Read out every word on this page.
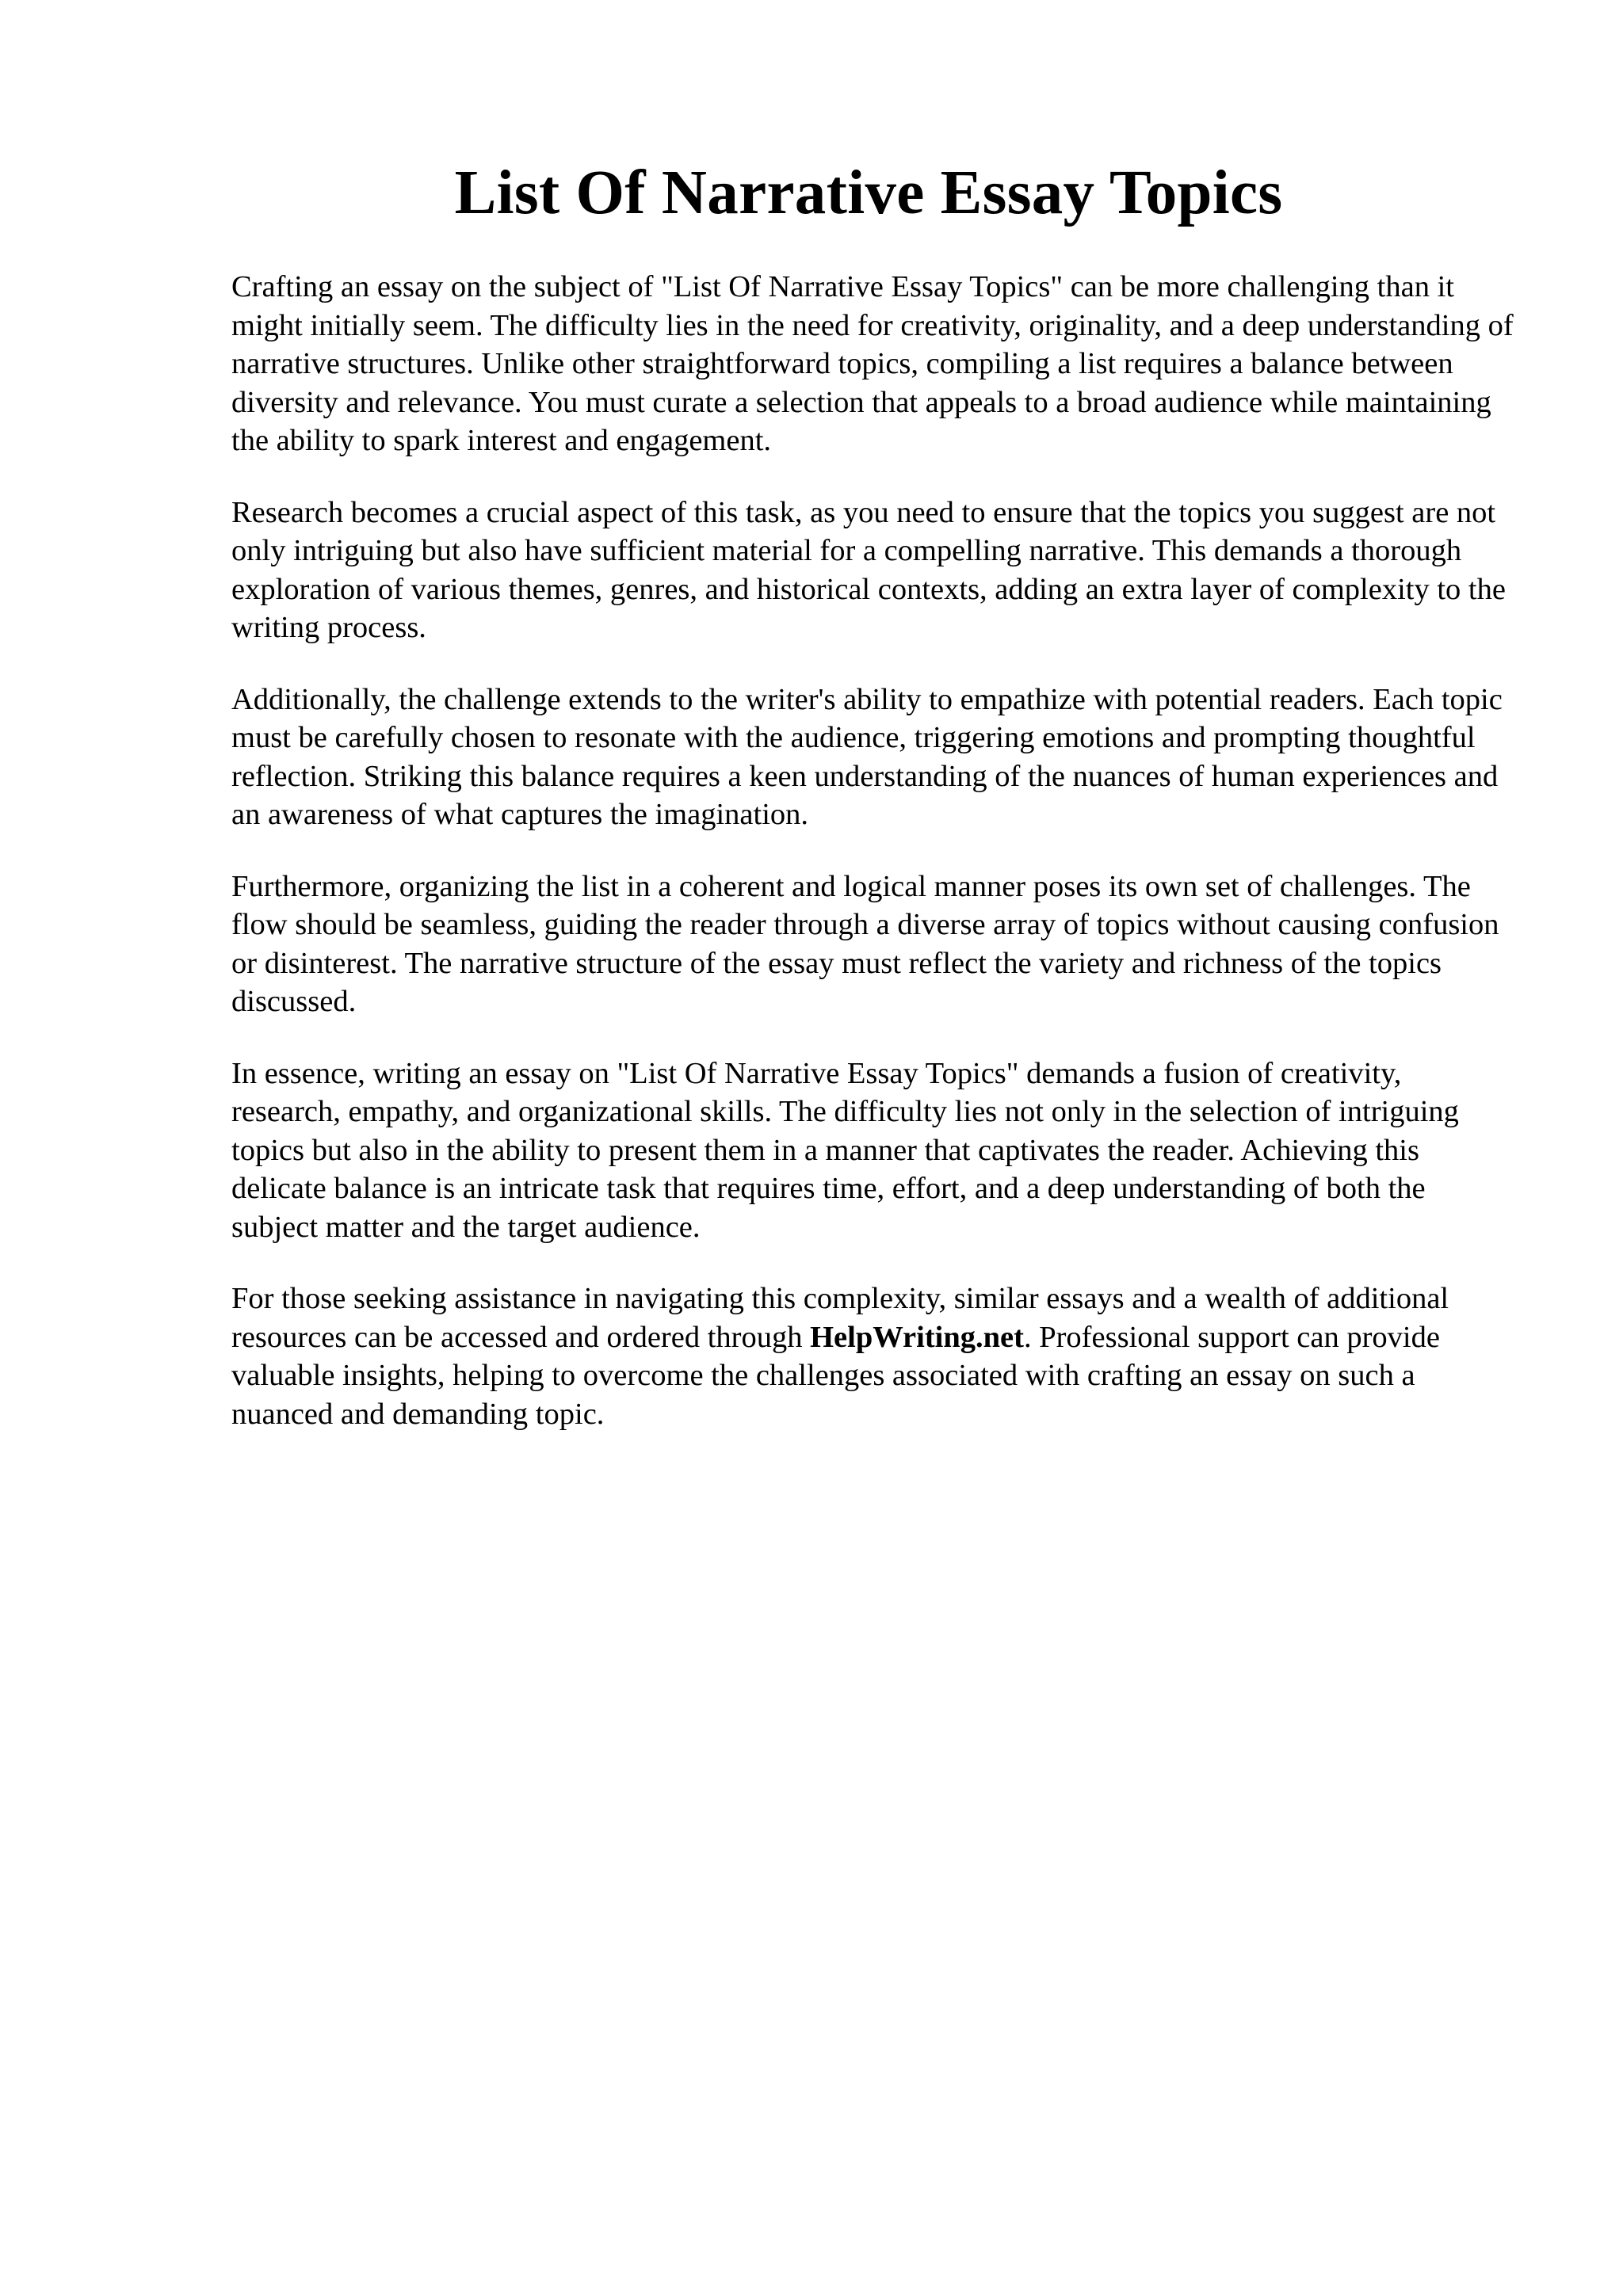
List Of Narrative Essay Topics

Crafting an essay on the subject of "List Of Narrative Essay Topics" can be more challenging than it might initially seem. The difficulty lies in the need for creativity, originality, and a deep understanding of narrative structures. Unlike other straightforward topics, compiling a list requires a balance between diversity and relevance. You must curate a selection that appeals to a broad audience while maintaining the ability to spark interest and engagement.

Research becomes a crucial aspect of this task, as you need to ensure that the topics you suggest are not only intriguing but also have sufficient material for a compelling narrative. This demands a thorough exploration of various themes, genres, and historical contexts, adding an extra layer of complexity to the writing process.

Additionally, the challenge extends to the writer's ability to empathize with potential readers. Each topic must be carefully chosen to resonate with the audience, triggering emotions and prompting thoughtful reflection. Striking this balance requires a keen understanding of the nuances of human experiences and an awareness of what captures the imagination.

Furthermore, organizing the list in a coherent and logical manner poses its own set of challenges. The flow should be seamless, guiding the reader through a diverse array of topics without causing confusion or disinterest. The narrative structure of the essay must reflect the variety and richness of the topics discussed.

In essence, writing an essay on "List Of Narrative Essay Topics" demands a fusion of creativity, research, empathy, and organizational skills. The difficulty lies not only in the selection of intriguing topics but also in the ability to present them in a manner that captivates the reader. Achieving this delicate balance is an intricate task that requires time, effort, and a deep understanding of both the subject matter and the target audience.

For those seeking assistance in navigating this complexity, similar essays and a wealth of additional resources can be accessed and ordered through HelpWriting.net. Professional support can provide valuable insights, helping to overcome the challenges associated with crafting an essay on such a nuanced and demanding topic.
